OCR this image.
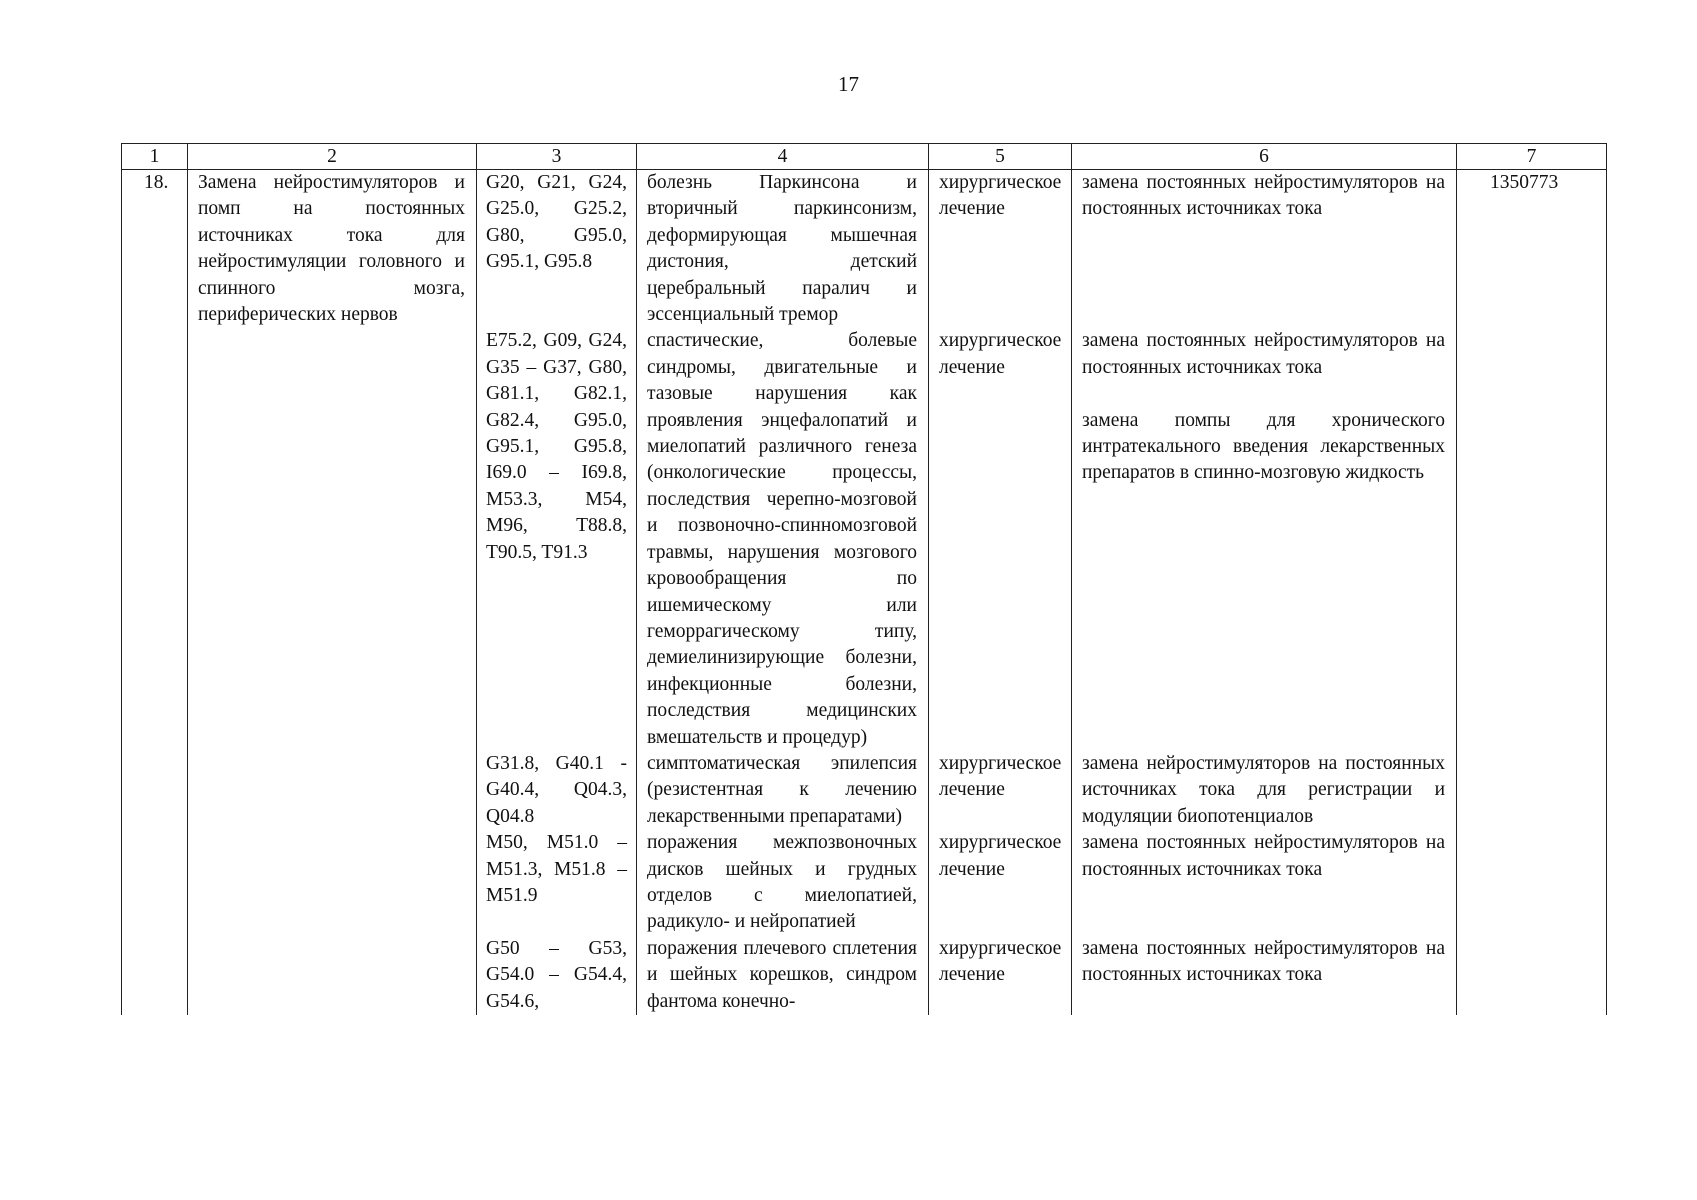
17
1	2	3	4	5	6	7
18.	Замена нейростимуляторов и помп на постоянных источниках тока для нейростимуляции головного и спинного мозга, периферических нервов	G20, G21, G24, G25.0, G25.2, G80, G95.0, G95.1, G95.8	болезнь Паркинсона и вторичный паркинсонизм, деформирующая мышечная дистония, детский церебральный паралич и эссенциальный тремор	хирургическое лечение	замена постоянных нейростимуляторов на постоянных источниках тока	1350773
		E75.2, G09, G24, G35 – G37, G80, G81.1, G82.1, G82.4, G95.0, G95.1, G95.8, I69.0 – I69.8, M53.3, M54, M96, T88.8, T90.5, T91.3	спастические, болевые синдромы, двигательные и тазовые нарушения как проявления энцефалопатий и миелопатий различного генеза (онкологические процессы, последствия черепно-мозговой и позвоночно-спинномозговой травмы, нарушения мозгового кровообращения по ишемическому или геморрагическому типу, демиелинизирующие болезни, инфекционные болезни, последствия медицинских вмешательств и процедур)	хирургическое лечение	замена постоянных нейростимуляторов на постоянных источниках тока
замена помпы для хронического интратекального введения лекарственных препаратов в спинно-мозговую жидкость	

		G31.8, G40.1 - G40.4, Q04.3, Q04.8	симптоматическая эпилепсия (резистентная к лечению лекарственными препаратами)	хирургическое лечение	замена нейростимуляторов на постоянных источниках тока для регистрации и модуляции биопотенциалов	

		M50, M51.0 – M51.3, M51.8 – M51.9	поражения межпозвоночных дисков шейных и грудных отделов с миелопатией, радикуло- и нейропатией	хирургическое лечение	замена постоянных нейростимуляторов на постоянных источниках тока	

		G50 – G53, G54.0 – G54.4, G54.6,	поражения плечевого сплетения и шейных корешков, синдром фантома конечно-	хирургическое лечение	замена постоянных нейростимуляторов на постоянных источниках тока	
